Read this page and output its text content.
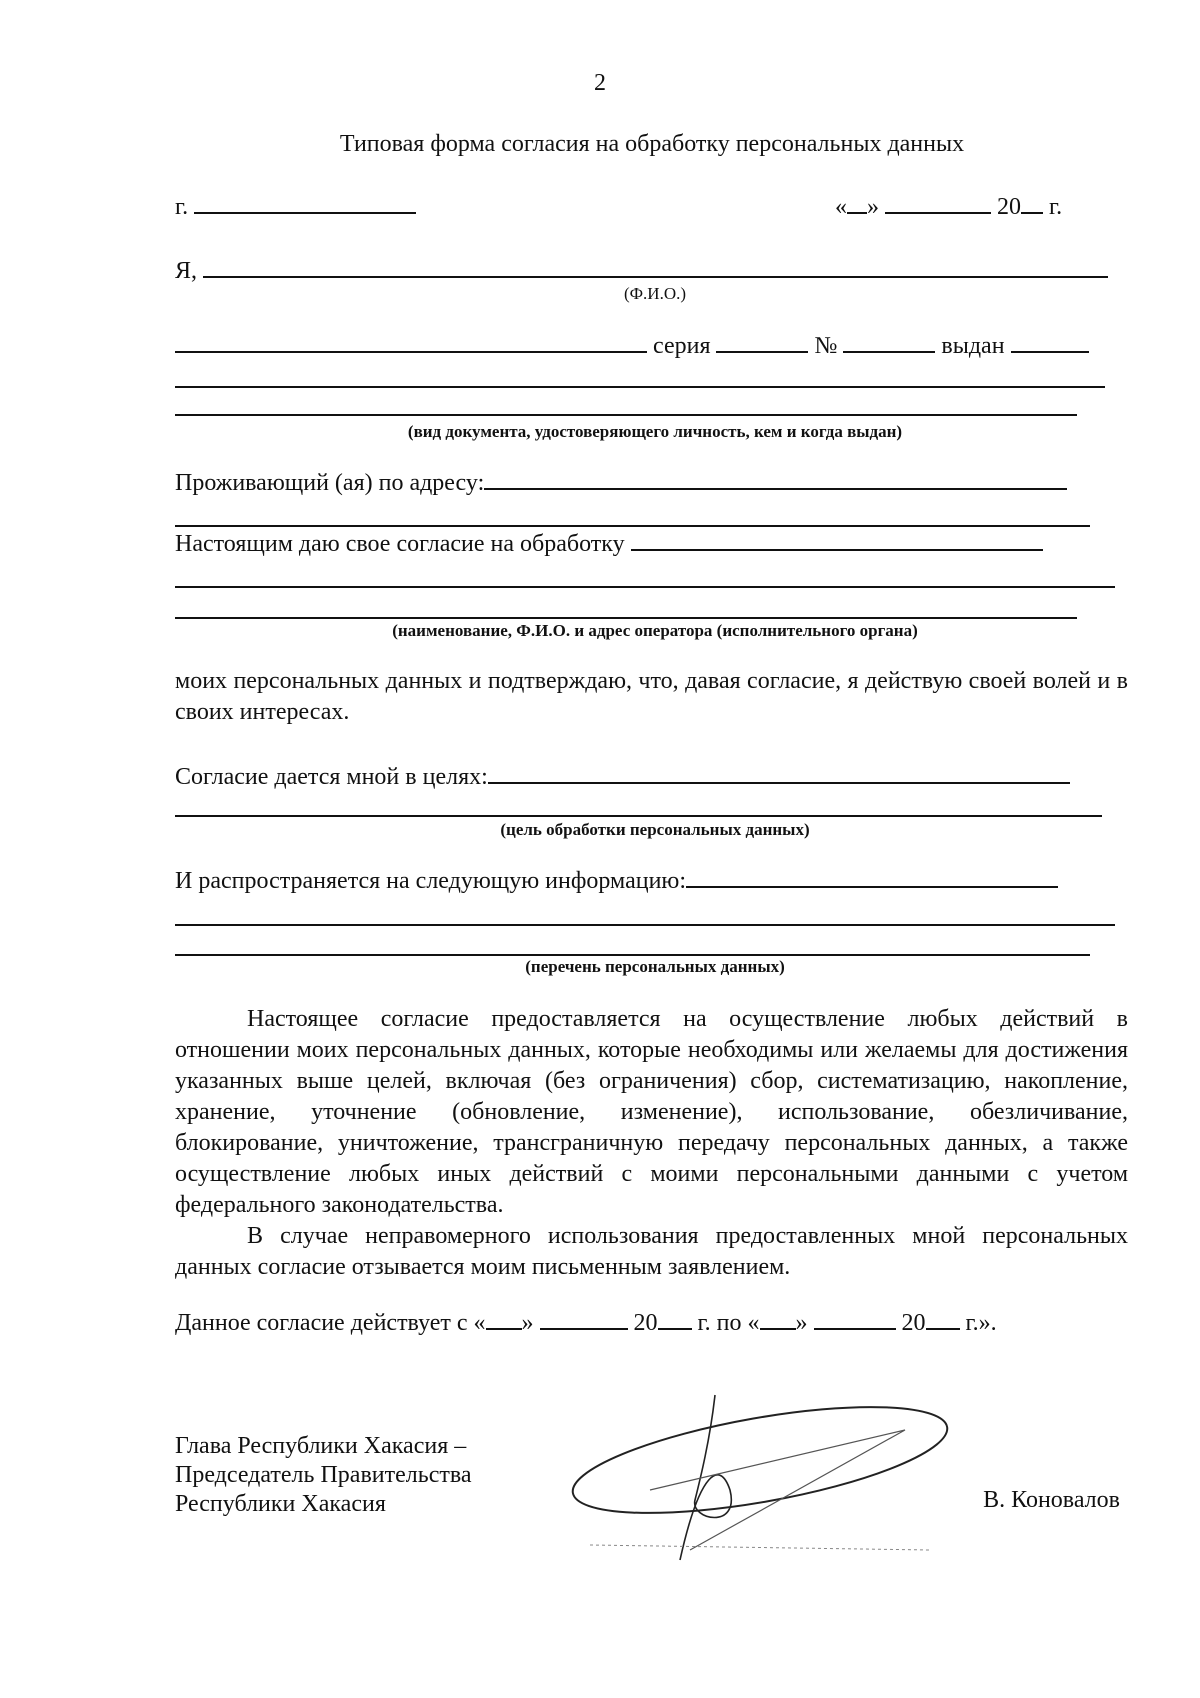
2
Типовая форма согласия на обработку персональных данных
г.	« »	20 г.
Я,
(Ф.И.О.)
серия	№	выдан
(вид документа, удостоверяющего личность, кем и когда выдан)
Проживающий (ая) по адресу:
Настоящим даю свое согласие на обработку
(наименование, Ф.И.О. и адрес оператора (исполнительного органа)
моих персональных данных и подтверждаю, что, давая согласие, я действую своей волей и в своих интересах.
Согласие дается мной в целях:
(цель обработки персональных данных)
И распространяется на следующую информацию:
(перечень персональных данных)

Настоящее согласие предоставляется на осуществление любых действий в отношении моих персональных данных, которые необходимы или желаемы для достижения указанных выше целей, включая (без ограничения) сбор, систематизацию, накопление, хранение, уточнение (обновление, изменение), использование, обезличивание, блокирование, уничтожение, трансграничную передачу персональных данных, а также осуществление любых иных действий с моими персональными данными с учетом федерального законодательства.

В случае неправомерного использования предоставленных мной персональных данных согласие отзывается моим письменным заявлением.

Данное согласие действует с « »	20 г. по « »	20 г.».
Глава Республики Хакасия –
Председатель Правительства
Республики Хакасия	В. Коновалов
